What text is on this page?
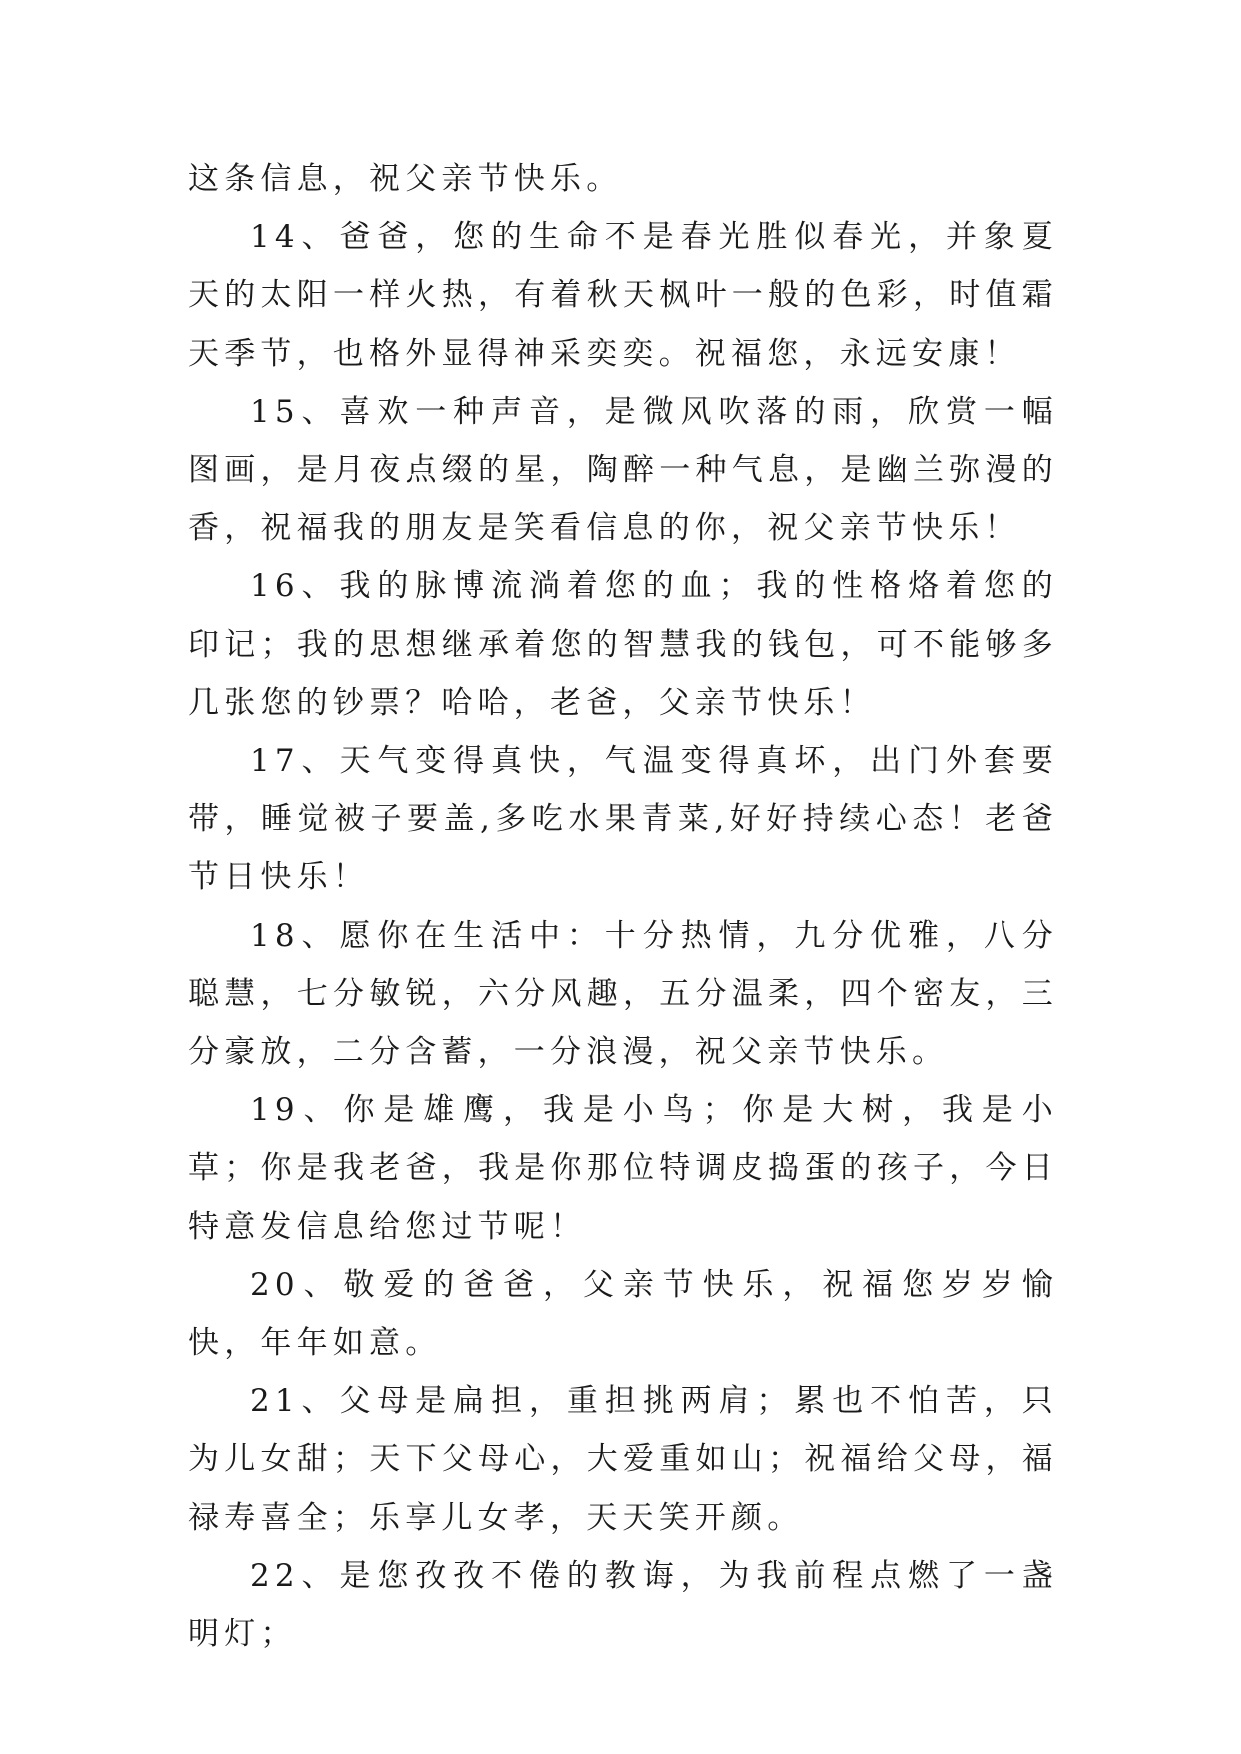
这条信息，祝父亲节快乐。

14、爸爸，您的生命不是春光胜似春光，并象夏天的太阳一样火热，有着秋天枫叶一般的色彩，时值霜天季节，也格外显得神采奕奕。祝福您，永远安康！

15、喜欢一种声音，是微风吹落的雨，欣赏一幅图画，是月夜点缀的星，陶醉一种气息，是幽兰弥漫的香，祝福我的朋友是笑看信息的你，祝父亲节快乐！

16、我的脉博流淌着您的血；我的性格烙着您的印记；我的思想继承着您的智慧我的钱包，可不能够多几张您的钞票？哈哈，老爸，父亲节快乐！

17、天气变得真快，气温变得真坏，出门外套要带，睡觉被子要盖,多吃水果青菜,好好持续心态！老爸节日快乐！

18、愿你在生活中：十分热情，九分优雅，八分聪慧，七分敏锐，六分风趣，五分温柔，四个密友，三分豪放，二分含蓄，一分浪漫，祝父亲节快乐。

19、你是雄鹰，我是小鸟；你是大树，我是小草；你是我老爸，我是你那位特调皮捣蛋的孩子，今日特意发信息给您过节呢！

20、敬爱的爸爸，父亲节快乐，祝福您岁岁愉快，年年如意。

21、父母是扁担，重担挑两肩；累也不怕苦，只为儿女甜；天下父母心，大爱重如山；祝福给父母，福禄寿喜全；乐享儿女孝，天天笑开颜。

22、是您孜孜不倦的教诲，为我前程点燃了一盏明灯；
